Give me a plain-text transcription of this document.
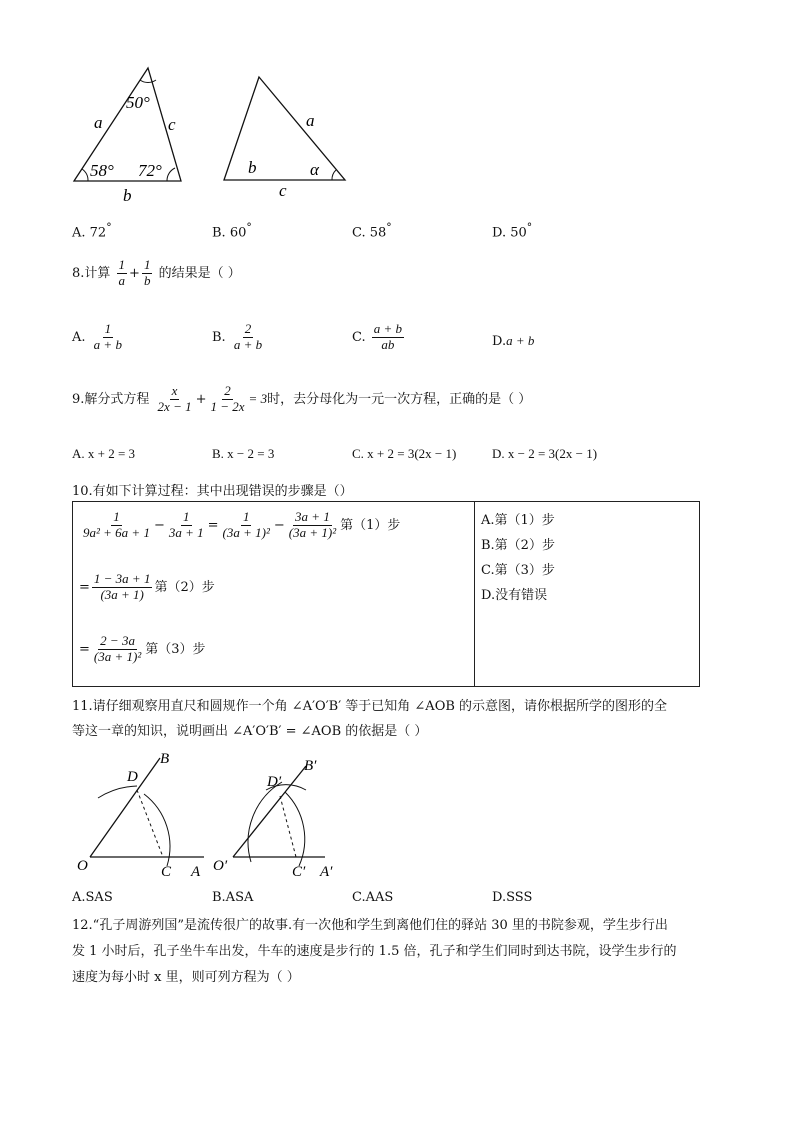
50°
58° 72°
a	c
b
a
b
c
α
A. 72°	B. 60°	C. 58°	D. 50°
8.计算 $\frac{1}{a} + \frac{1}{b}$ 的结果是（ ）
A. $\frac{1}{a + b}$	B. $\frac{2}{a + b}$	C. $\frac{a + b}{ab}$	D.a + b
9.解分式方程 $\frac{x}{2x - 1} + \frac{2}{1 - 2x} = 3$时，去分母化为一元一次方程，正确的是（ ）
A. x + 2 = 3	B. x − 2 = 3	C. x + 2 = 3(2x − 1)	D. x − 2 = 3(2x − 1)
10.有如下计算过程：其中出现错误的步骤是（）
$\frac{1}{\text{9a² + 6a + 1}} - \frac{1}{3a + 1} = \frac{1}{\text{(3a + 1)²}} - \frac{3a + 1}{\text{(3a + 1)²}}$ 第（1）步
= $\frac{1 - 3a + 1}{(3a + 1)}$ 第（2）步
= $\frac{2 - 3a}{\text{(3a + 1)²}}$ 第（3）步
A.第（1）步
B.第（2）步
C.第（3）步
D.没有错误
11.请仔细观察用直尺和圆规作一个角 ∠A′O′B′ 等于已知角 ∠AOB 的示意图，请你根据所学的图形的全
等这一章的知识，说明画出 ∠A′O′B′ = ∠AOB 的依据是（ ）
B
D
O	C A
B′
D′
O′	C′ A′
A.SAS	B.ASA	C.AAS	D.SSS
12.“孔子周游列国”是流传很广的故事.有一次他和学生到离他们住的驿站 30 里的书院参观，学生步行出
发 1 小时后，孔子坐牛车出发，牛车的速度是步行的 1.5 倍，孔子和学生们同时到达书院，设学生步行的
速度为每小时 x 里，则可列方程为（ ）
